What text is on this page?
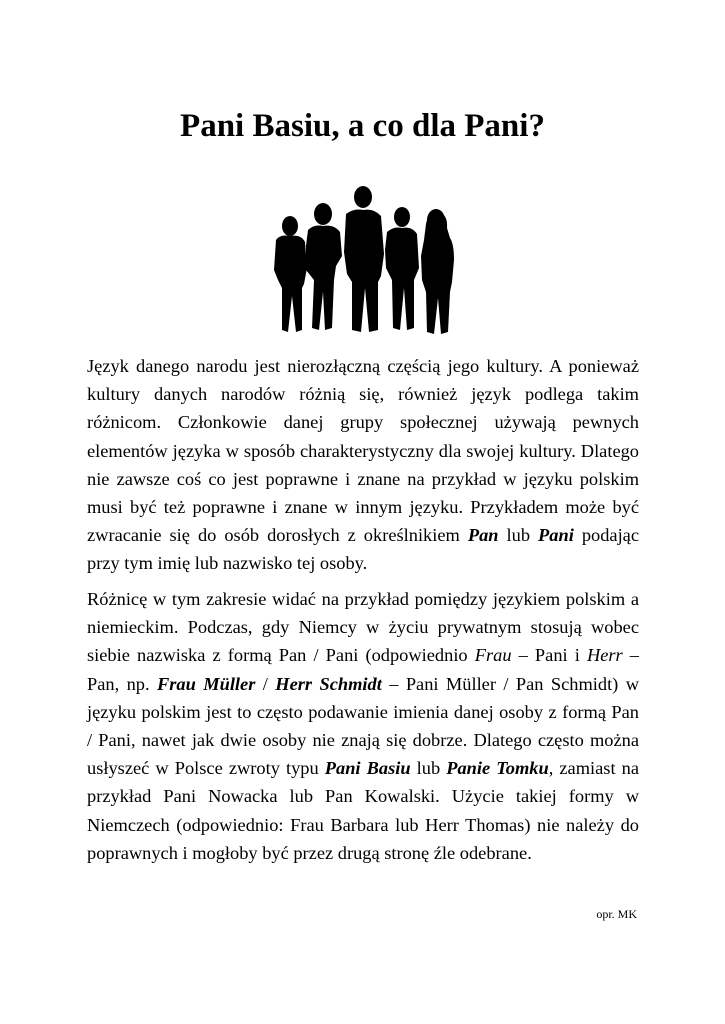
Pani Basiu, a co dla Pani?

Język danego narodu jest nierozłączną częścią jego kultury. A ponieważ kultury danych narodów różnią się, również język podlega takim różnicom. Członkowie danej grupy społecznej używają pewnych elementów języka w sposób charakterystyczny dla swojej kultury. Dlatego nie zawsze coś co jest poprawne i znane na przykład w języku polskim musi być też poprawne i znane w innym języku. Przykładem może być zwracanie się do osób dorosłych z określnikiem Pan lub Pani podając przy tym imię lub nazwisko tej osoby.

Różnicę w tym zakresie widać na przykład pomiędzy językiem polskim a niemieckim. Podczas, gdy Niemcy w życiu prywatnym stosują wobec siebie nazwiska z formą Pan / Pani (odpowiednio Frau – Pani i Herr – Pan, np. Frau Müller / Herr Schmidt – Pani Müller / Pan Schmidt) w języku polskim jest to często podawanie imienia danej osoby z formą Pan / Pani, nawet jak dwie osoby nie znają się dobrze. Dlatego często można usłyszeć w Polsce zwroty typu Pani Basiu lub Panie Tomku, zamiast na przykład Pani Nowacka lub Pan Kowalski. Użycie takiej formy w Niemczech (odpowiednio: Frau Barbara lub Herr Thomas) nie należy do poprawnych i mogłoby być przez drugą stronę źle odebrane.

opr. MK
